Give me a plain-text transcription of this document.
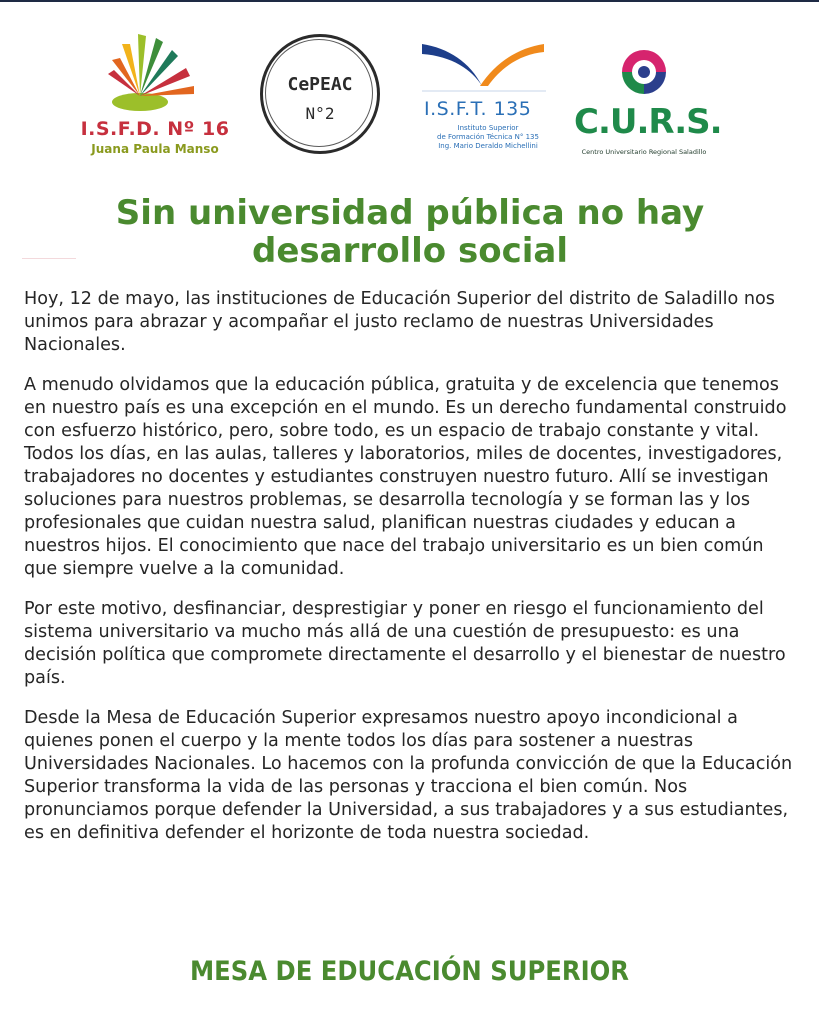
I.S.F.D. Nº 16
Juana Paula Manso
CePEAC
N°2	I.S.F.T. 135
Instituto Superior
de Formación Técnica N° 135
Ing. Mario Deraldo Michellini
C.U.R.S.
Centro Universitario Regional Saladillo
Sin universidad pública no hay desarrollo social

Hoy, 12 de mayo, las instituciones de Educación Superior del distrito de Saladillo nos unimos para abrazar y acompañar el justo reclamo de nuestras Universidades Nacionales.

A menudo olvidamos que la educación pública, gratuita y de excelencia que tenemos en nuestro país es una excepción en el mundo. Es un derecho fundamental construido con esfuerzo histórico, pero, sobre todo, es un espacio de trabajo constante y vital. Todos los días, en las aulas, talleres y laboratorios, miles de docentes, investigadores, trabajadores no docentes y estudiantes construyen nuestro futuro. Allí se investigan soluciones para nuestros problemas, se desarrolla tecnología y se forman las y los profesionales que cuidan nuestra salud, planifican nuestras ciudades y educan a nuestros hijos. El conocimiento que nace del trabajo universitario es un bien común que siempre vuelve a la comunidad.

Por este motivo, desfinanciar, desprestigiar y poner en riesgo el funcionamiento del sistema universitario va mucho más allá de una cuestión de presupuesto: es una decisión política que compromete directamente el desarrollo y el bienestar de nuestro país.

Desde la Mesa de Educación Superior expresamos nuestro apoyo incondicional a quienes ponen el cuerpo y la mente todos los días para sostener a nuestras Universidades Nacionales. Lo hacemos con la profunda convicción de que la Educación Superior transforma la vida de las personas y tracciona el bien común. Nos pronunciamos porque defender la Universidad, a sus trabajadores y a sus estudiantes, es en definitiva defender el horizonte de toda nuestra sociedad.

MESA DE EDUCACIÓN SUPERIOR
